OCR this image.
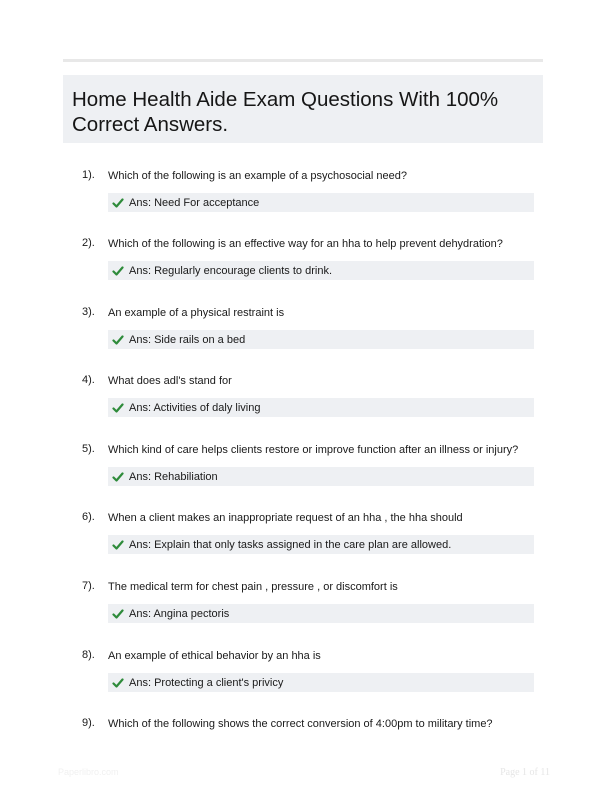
Home Health Aide Exam Questions With 100% Correct Answers.
1). Which of the following is an example of a psychosocial need?
Ans: Need For acceptance
2). Which of the following is an effective way for an hha to help prevent dehydration?
Ans: Regularly encourage clients to drink.
3). An example of a physical restraint is
Ans: Side rails on a bed
4). What does adl's stand for
Ans: Activities of daly living
5). Which kind of care helps clients restore or improve function after an illness or injury?
Ans: Rehabiliation
6). When a client makes an inappropriate request of an hha , the hha should
Ans: Explain that only tasks assigned in the care plan are allowed.
7). The medical term for chest pain , pressure , or discomfort is
Ans: Angina pectoris
8). An example of ethical behavior by an hha is
Ans: Protecting a client's privicy
9). Which of the following shows the correct conversion of 4:00pm to military time?
Paperlibro.com	Page 1 of 11
